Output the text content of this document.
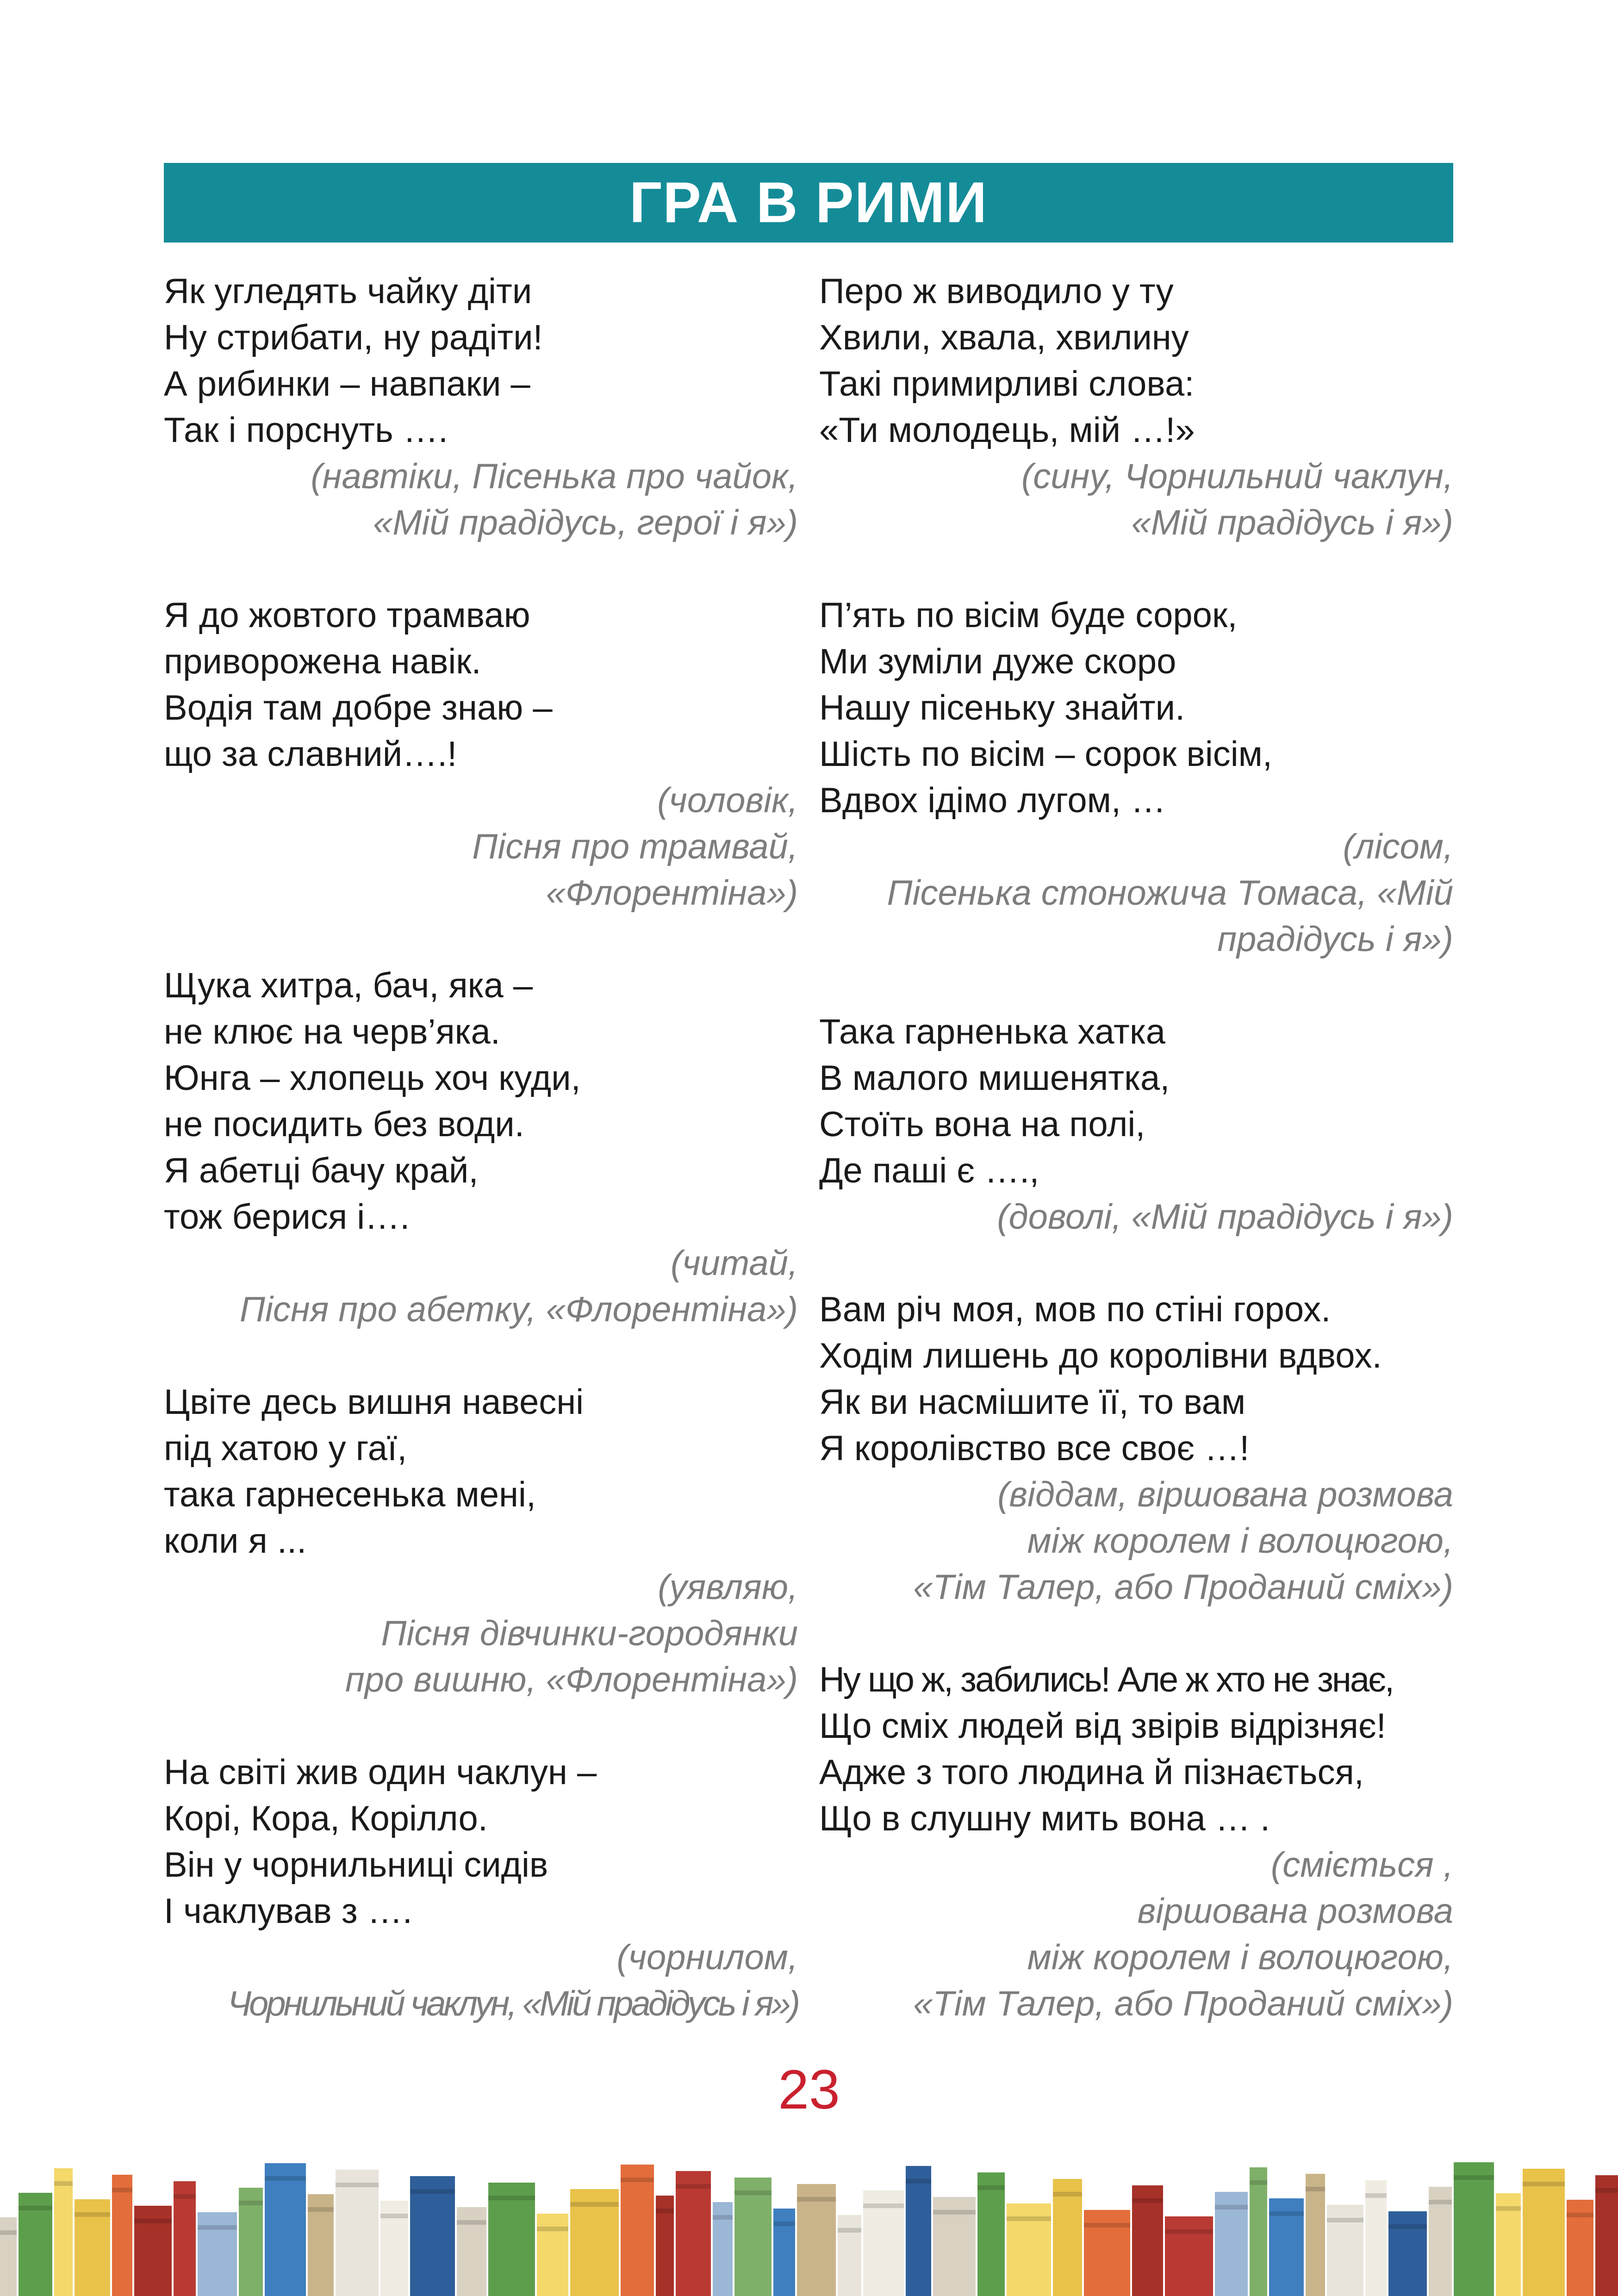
ГРА В РИМИ
Як угледять чайку діти
Ну стрибати, ну радіти!
А рибинки – навпаки –
Так і порснуть ….
(навтіки, Пісенька про чайок,
«Мій прадідусь, герої і я»)
Я до жовтого трамваю
приворожена навік.
Водія там добре знаю –
що за славний….!
(чоловік,
Пісня про трамвай,
«Флорентіна»)
Щука хитра, бач, яка –
не клює на черв’яка.
Юнга – хлопець хоч куди,
не посидить без води.
Я абетці бачу край,
тож берися і….
(читай,
Пісня про абетку, «Флорентіна»)
Цвіте десь вишня навесні
під хатою у гаї,
така гарнесенька мені,
коли я ...
(уявляю,
Пісня дівчинки-городянки
про вишню, «Флорентіна»)
На світі жив один чаклун –
Корі, Кора, Корілло.
Він у чорнильниці сидів
І чаклував з ….
(чорнилом,
Чорнильний чаклун, «Мій прадідусь і я»)
Перо ж виводило у ту
Хвили, хвала, хвилину
Такі примирливі слова:
«Ти молодець, мій …!»
(сину, Чорнильний чаклун,
«Мій прадідусь і я»)
П’ять по вісім буде сорок,
Ми зуміли дуже скоро
Нашу пісеньку знайти.
Шість по вісім – сорок вісім,
Вдвох ідімо лугом, …
(лісом,
Пісенька стоножича Томаса, «Мій
прадідусь і я»)
Така гарненька хатка
В малого мишенятка,
Стоїть вона на полі,
Де паші є ….,
(доволі, «Мій прадідусь і я»)
Вам річ моя, мов по стіні горох.
Ходім лишень до королівни вдвох.
Як ви насмішите її, то вам
Я королівство все своє …!
(віддам, віршована розмова
між королем і волоцюгою,
«Тім Талер, або Проданий сміх»)
Ну що ж, забились! Але ж хто не знає,
Що сміх людей від звірів відрізняє!
Адже з того людина й пізнається,
Що в слушну мить вона … .
(сміється ,
віршована розмова
між королем і волоцюгою,
«Тім Талер, або Проданий сміх»)
23
